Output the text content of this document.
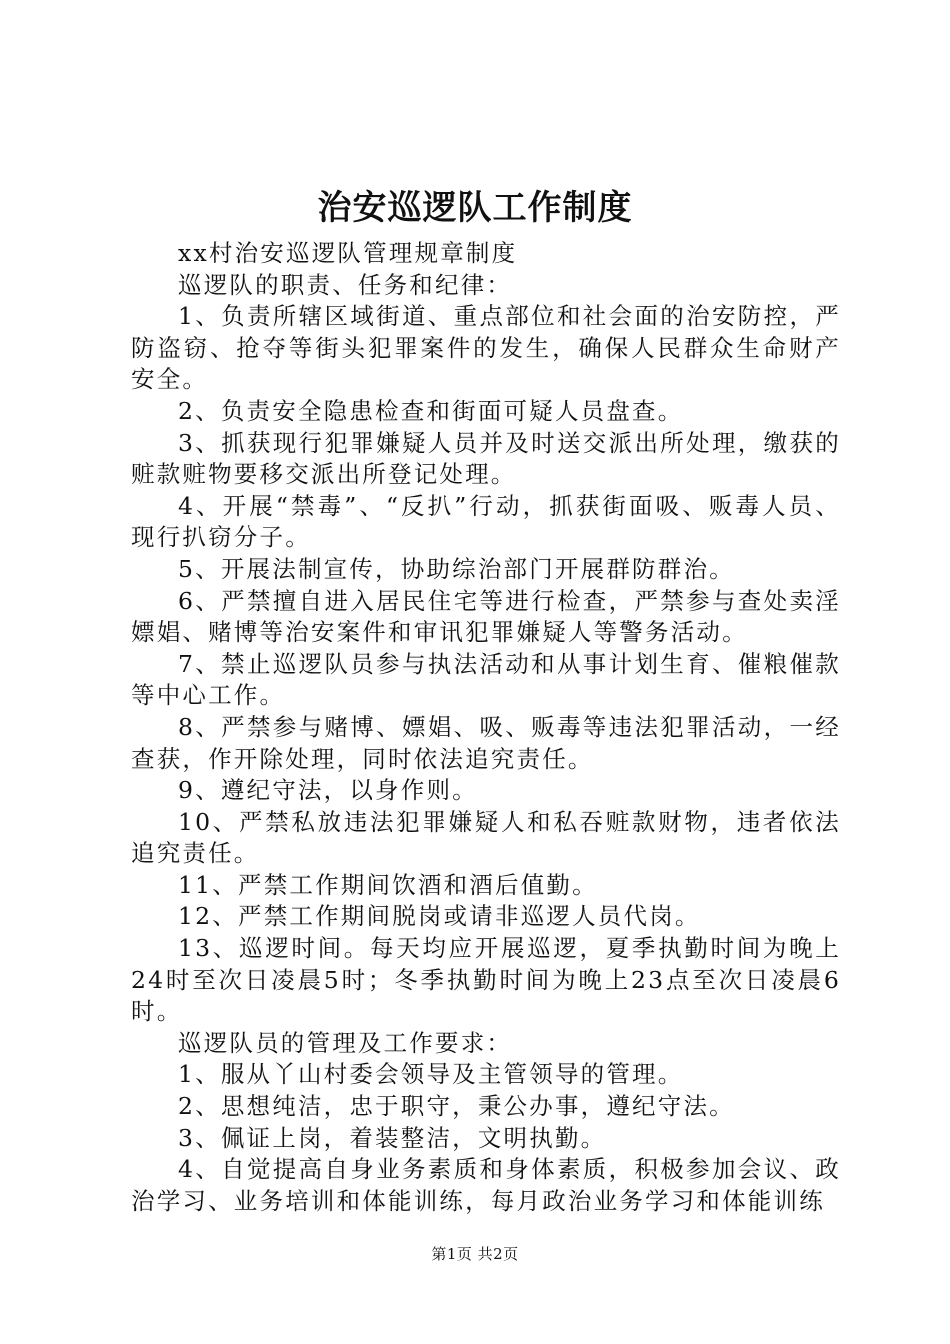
治安巡逻队工作制度

xx村治安巡逻队管理规章制度

巡逻队的职责、任务和纪律：

1、负责所辖区域街道、重点部位和社会面的治安防控，严防盗窃、抢夺等街头犯罪案件的发生，确保人民群众生命财产安全。

2、负责安全隐患检查和街面可疑人员盘查。

3、抓获现行犯罪嫌疑人员并及时送交派出所处理，缴获的赃款赃物要移交派出所登记处理。

4、开展“禁毒”、“反扒”行动，抓获街面吸、贩毒人员、现行扒窃分子。

5、开展法制宣传，协助综治部门开展群防群治。

6、严禁擅自进入居民住宅等进行检查，严禁参与查处卖淫嫖娼、赌博等治安案件和审讯犯罪嫌疑人等警务活动。

7、禁止巡逻队员参与执法活动和从事计划生育、催粮催款等中心工作。

8、严禁参与赌博、嫖娼、吸、贩毒等违法犯罪活动，一经查获，作开除处理，同时依法追究责任。

9、遵纪守法，以身作则。

10、严禁私放违法犯罪嫌疑人和私吞赃款财物，违者依法追究责任。

11、严禁工作期间饮酒和酒后值勤。

12、严禁工作期间脱岗或请非巡逻人员代岗。

13、巡逻时间。每天均应开展巡逻，夏季执勤时间为晚上24时至次日凌晨5时；冬季执勤时间为晚上23点至次日凌晨6时。

巡逻队员的管理及工作要求：

1、服从丫山村委会领导及主管领导的管理。

2、思想纯洁，忠于职守，秉公办事，遵纪守法。

3、佩证上岗，着装整洁，文明执勤。

4、自觉提高自身业务素质和身体素质，积极参加会议、政治学习、业务培训和体能训练，每月政治业务学习和体能训练

第1页 共2页
